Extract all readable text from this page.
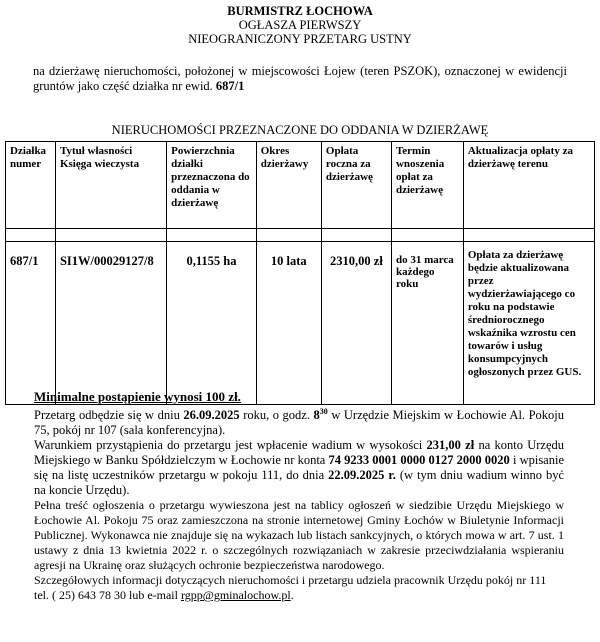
BURMISTRZ ŁOCHOWA
OGŁASZA PIERWSZY
NIEOGRANICZONY PRZETARG USTNY
na dzierżawę nieruchomości, położonej w miejscowości Łojew (teren PSZOK), oznaczonej w ewidencji gruntów jako część działka nr ewid. 687/1
NIERUCHOMOŚCI PRZEZNACZONE DO ODDANIA W DZIERŻAWĘ
Działka numer	Tytuł własności Księga wieczysta	Powierzchnia działki przeznaczona do oddania w dzierżawę	Okres dzierżawy	Opłata roczna za dzierżawę	Termin wnoszenia opłat za dzierżawę	Aktualizacja opłaty za dzierżawę terenu

687/1	SI1W/00029127/8	0,1155 ha	10 lata	2310,00 zł	do 31 marca każdego roku	Opłata za dzierżawę będzie aktualizowana przez wydzierżawiającego co roku na podstawie średniorocznego wskaźnika wzrostu cen towarów i usług konsumpcyjnych ogłoszonych przez GUS.

Minimalne postąpienie wynosi 100 zł.

Przetarg odbędzie się w dniu 26.09.2025 roku, o godz. $8^{30}$ w Urzędzie Miejskim w Łochowie Al. Pokoju 75, pokój nr 107 (sala konferencyjna).

Warunkiem przystąpienia do przetargu jest wpłacenie wadium w wysokości 231,00 zł na konto Urzędu Miejskiego w Banku Spółdzielczym w Łochowie nr konta 74 9233 0001 0000 0127 2000 0020 i wpisanie się na listę uczestników przetargu w pokoju 111, do dnia 22.09.2025 r. (w tym dniu wadium winno być na koncie Urzędu).

Pełna treść ogłoszenia o przetargu wywieszona jest na tablicy ogłoszeń w siedzibie Urzędu Miejskiego w Łochowie Al. Pokoju 75 oraz zamieszczona na stronie internetowej Gminy Łochów w Biuletynie Informacji Publicznej. Wykonawca nie znajduje się na wykazach lub listach sankcyjnych, o których mowa w art. 7 ust. 1 ustawy z dnia 13 kwietnia 2022 r. o szczególnych rozwiązaniach w zakresie przeciwdziałania wspieraniu agresji na Ukrainę oraz służących ochronie bezpieczeństwa narodowego.

Szczegółowych informacji dotyczących nieruchomości i przetargu udziela pracownik Urzędu pokój nr 111 tel. ( 25) 643 78 30 lub e-mail rgpp@gminalochow.pl.
